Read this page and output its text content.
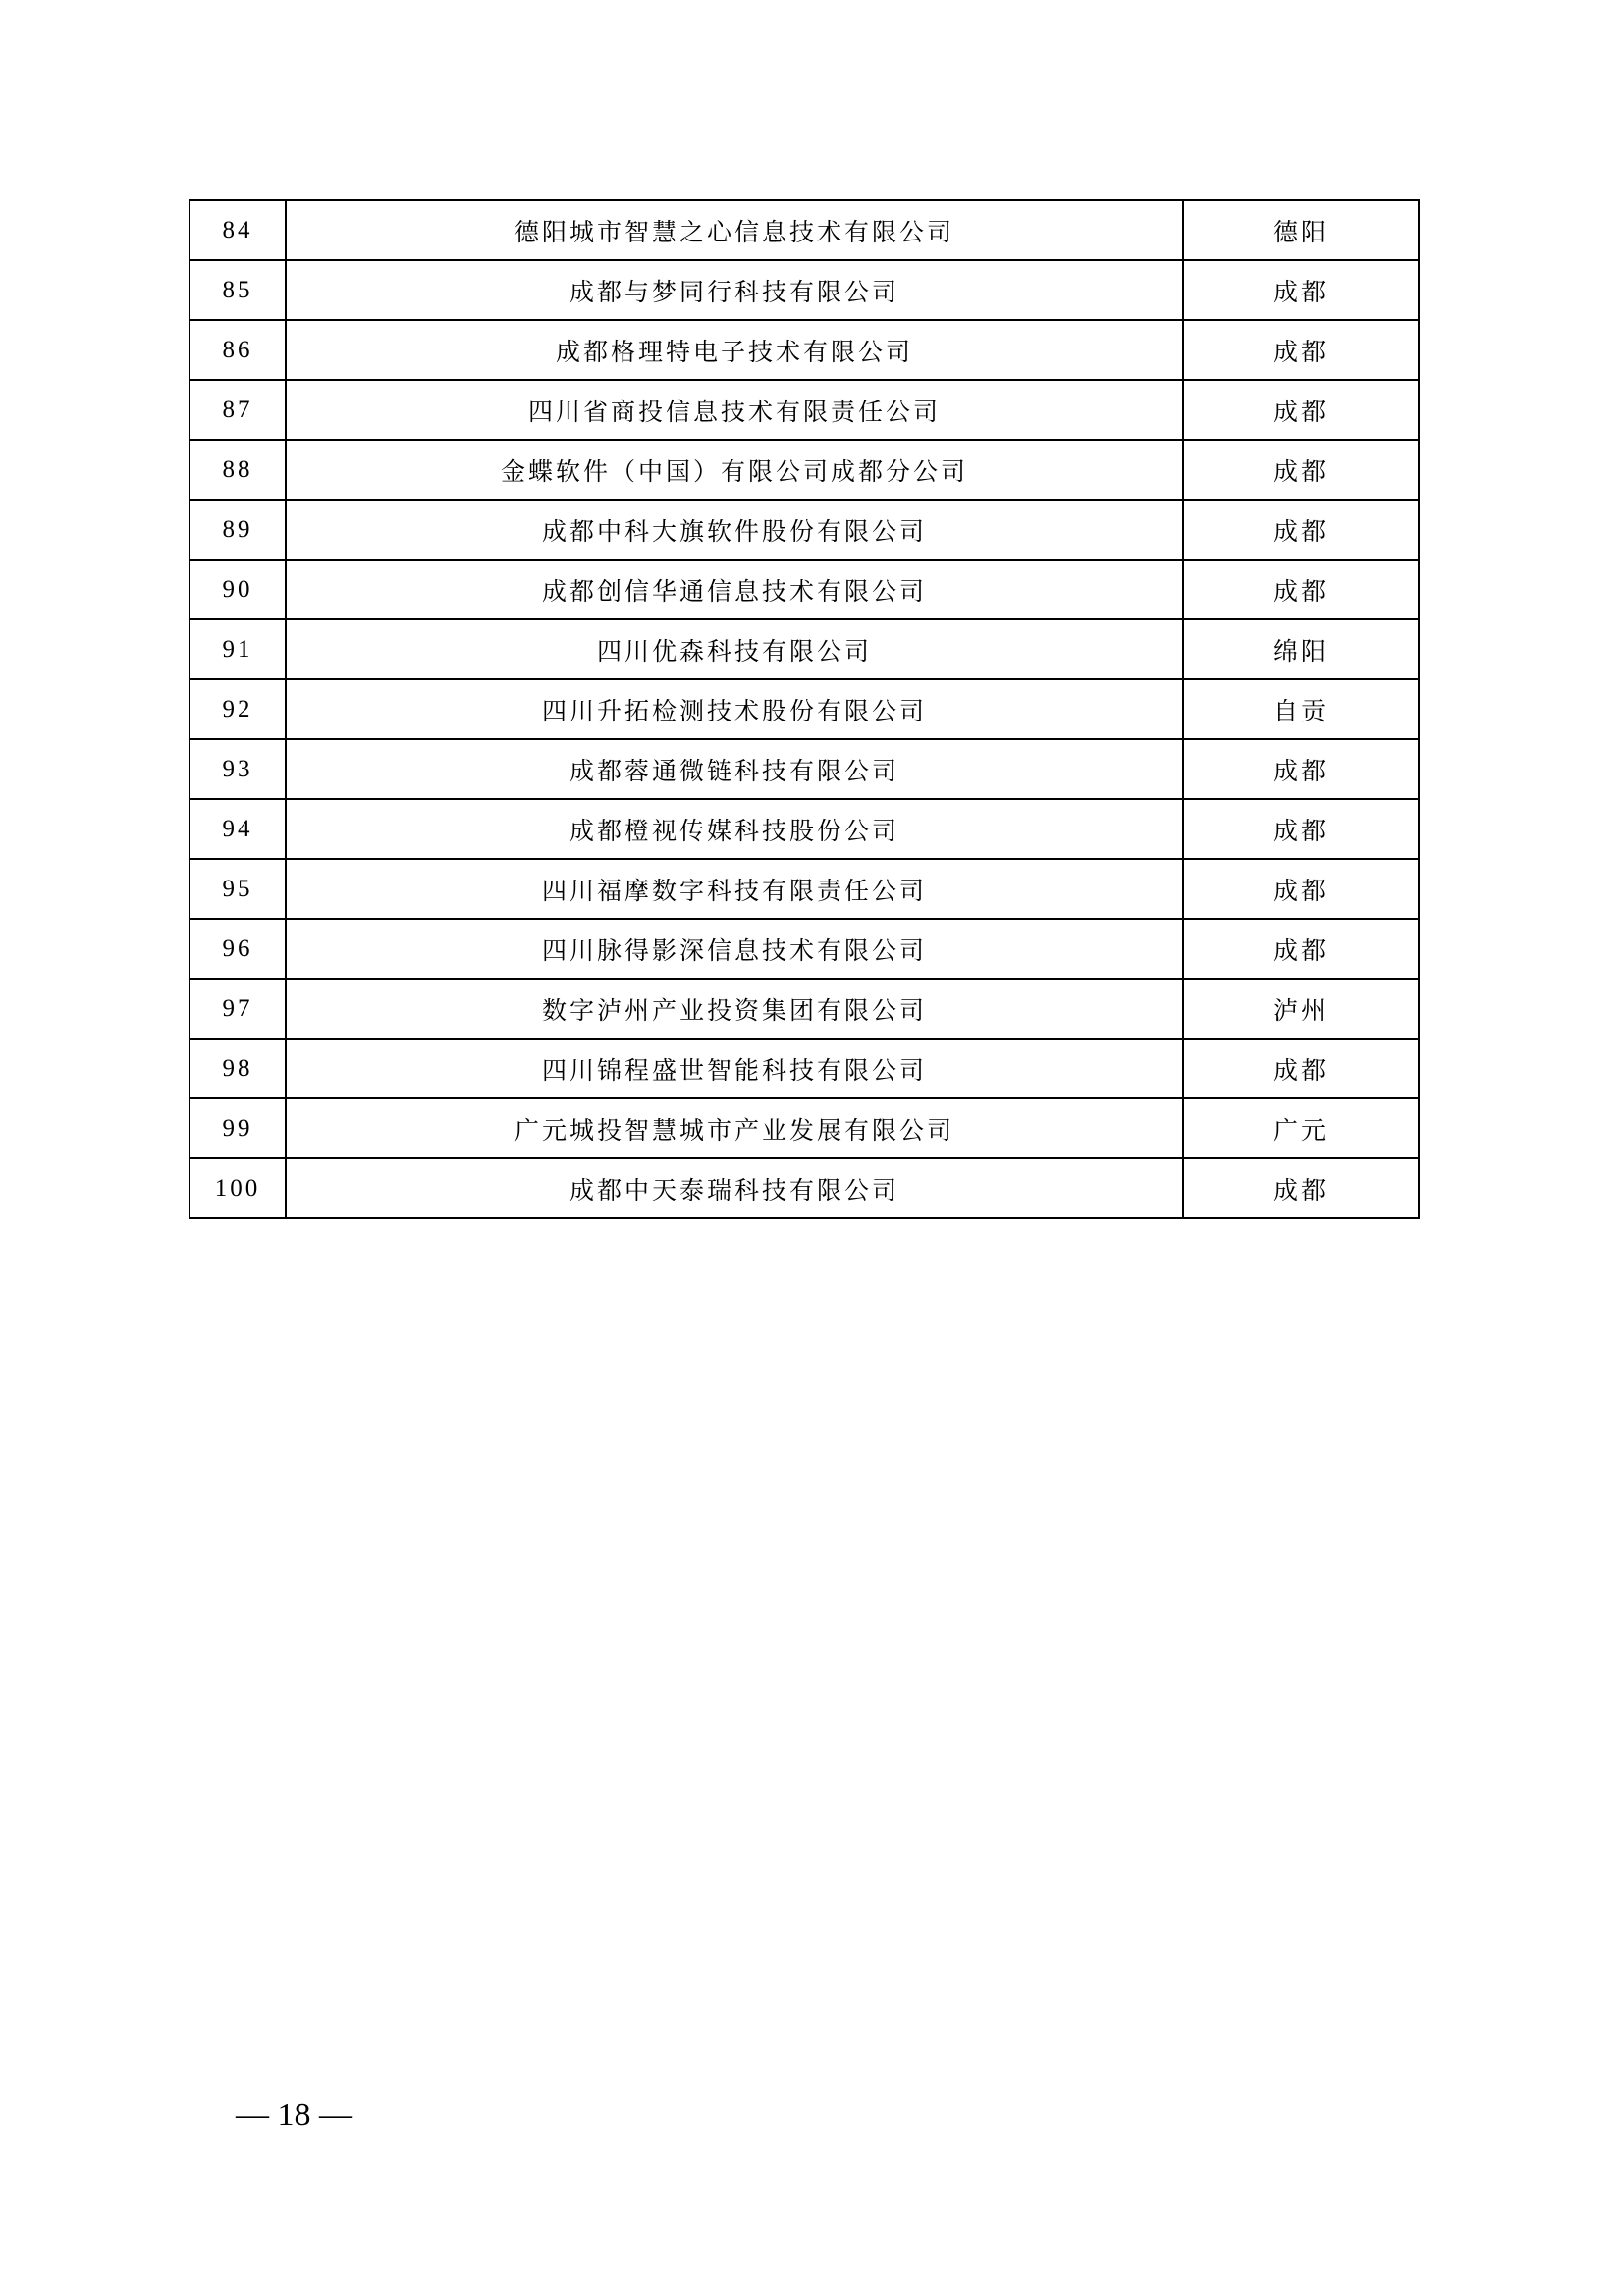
84	德阳城市智慧之心信息技术有限公司	德阳
85	成都与梦同行科技有限公司	成都
86	成都格理特电子技术有限公司	成都
87	四川省商投信息技术有限责任公司	成都
88	金蝶软件（中国）有限公司成都分公司	成都
89	成都中科大旗软件股份有限公司	成都
90	成都创信华通信息技术有限公司	成都
91	四川优森科技有限公司	绵阳
92	四川升拓检测技术股份有限公司	自贡
93	成都蓉通微链科技有限公司	成都
94	成都橙视传媒科技股份公司	成都
95	四川福摩数字科技有限责任公司	成都
96	四川脉得影深信息技术有限公司	成都
97	数字泸州产业投资集团有限公司	泸州
98	四川锦程盛世智能科技有限公司	成都
99	广元城投智慧城市产业发展有限公司	广元
100	成都中天泰瑞科技有限公司	成都
— 18 —
